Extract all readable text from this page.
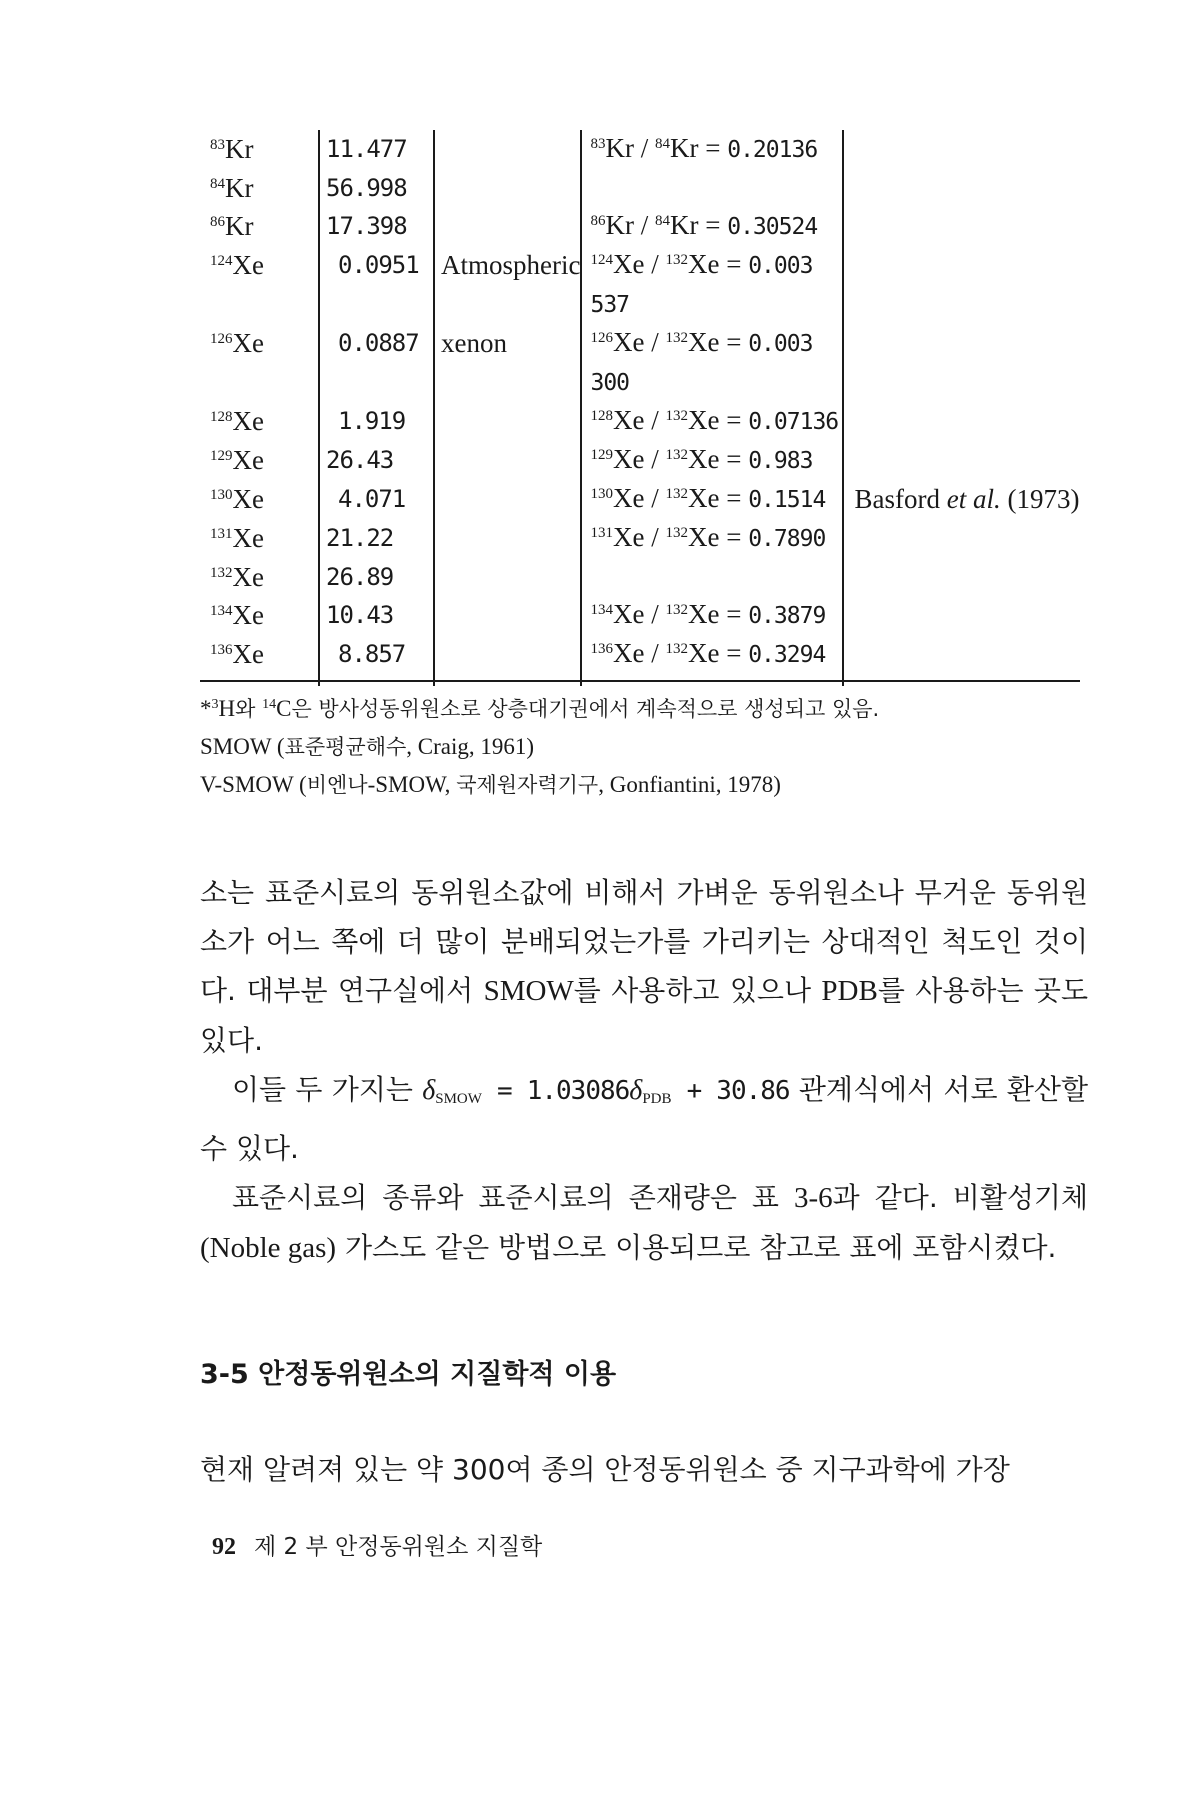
$^{83}$Kr	11.477		$^{83}$Kr / $^{84}$Kr = 0.20136	
$^{84}$Kr	56.998			
$^{86}$Kr	17.398		$^{86}$Kr / $^{84}$Kr = 0.30524	
$^{124}$Xe	0.0951	Atmospheric	$^{124}$Xe / $^{132}$Xe = 0.003	
			537	
$^{126}$Xe	0.0887	xenon	$^{126}$Xe / $^{132}$Xe = 0.003	
			300	
$^{128}$Xe	1.919		$^{128}$Xe / $^{132}$Xe = 0.07136	
$^{129}$Xe	26.43		$^{129}$Xe / $^{132}$Xe = 0.983	
$^{130}$Xe	4.071		$^{130}$Xe / $^{132}$Xe = 0.1514	Basford et al. (1973)
$^{131}$Xe	21.22		$^{131}$Xe / $^{132}$Xe = 0.7890	
$^{132}$Xe	26.89			
$^{134}$Xe	10.43		$^{134}$Xe / $^{132}$Xe = 0.3879	
$^{136}$Xe	8.857		$^{136}$Xe / $^{132}$Xe = 0.3294	

*$^3$H와 $^{14}$C은 방사성동위원소로 상층대기권에서 계속적으로 생성되고 있음.

SMOW (표준평균해수, Craig, 1961)

V-SMOW (비엔나-SMOW, 국제원자력기구, Gonfiantini, 1978)

소는 표준시료의 동위원소값에 비해서 가벼운 동위원소나 무거운 동위원소가 어느 쪽에 더 많이 분배되었는가를 가리키는 상대적인 척도인 것이다. 대부분 연구실에서 SMOW를 사용하고 있으나 PDB를 사용하는 곳도 있다.

이들 두 가지는 $\delta_{SMOW} = 1.03086\delta_{PDB} + 30.86$ 관계식에서 서로 환산할 수 있다.

표준시료의 종류와 표준시료의 존재량은 표 3-6과 같다. 비활성기체(Noble gas) 가스도 같은 방법으로 이용되므로 참고로 표에 포함시켰다.

3-5 안정동위원소의 지질학적 이용

현재 알려져 있는 약 300여 종의 안정동위원소 중 지구과학에 가장

92 제 2 부 안정동위원소 지질학
